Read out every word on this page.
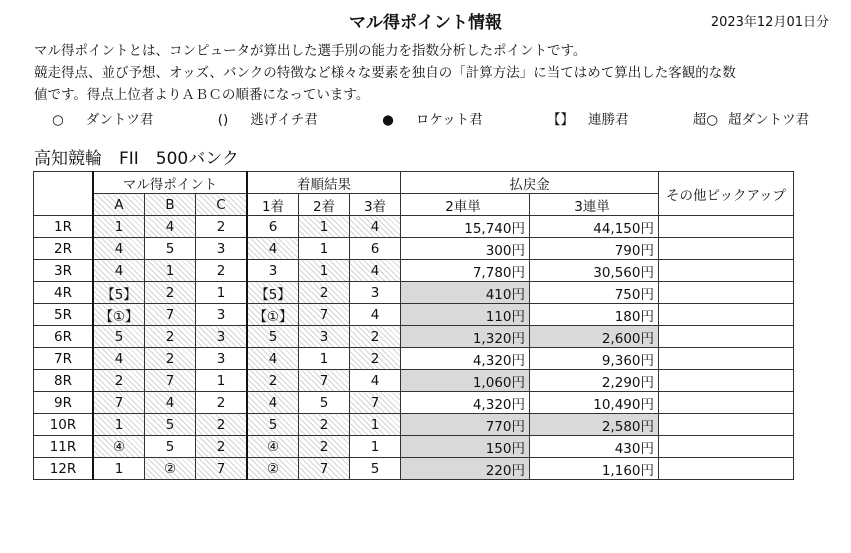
マル得ポイント情報	2023年12月01日分
マル得ポイントとは、コンピュータが算出した選手別の能力を指数分析したポイントです。
競走得点、並び予想、オッズ、バンクの特徴など様々な要素を独自の「計算方法」に当てはめて算出した客観的な数
値です。得点上位者よりＡＢＣの順番になっています。
○ ダントツ君	() 逃げイチ君	● ロケット君	【】 連勝君	超○ 超ダントツ君
高知競輪　FII　500バンク
	マル得ポイント			着順結果			払戻金		その他ピックアップ
	A	B	C	1着	2着	3着	2車単	3連単	
1R	1	4	2	6	1	4	15,740円	44,150円	
2R	4	5	3	4	1	6	300円	790円	
3R	4	1	2	3	1	4	7,780円	30,560円	
4R	【5】	2	1	【5】	2	3	410円	750円	
5R	【①】	7	3	【①】	7	4	110円	180円	
6R	5	2	3	5	3	2	1,320円	2,600円	
7R	4	2	3	4	1	2	4,320円	9,360円	
8R	2	7	1	2	7	4	1,060円	2,290円	
9R	7	4	2	4	5	7	4,320円	10,490円	
10R	1	5	2	5	2	1	770円	2,580円	
11R	④	5	2	④	2	1	150円	430円	
12R	1	②	7	②	7	5	220円	1,160円	
